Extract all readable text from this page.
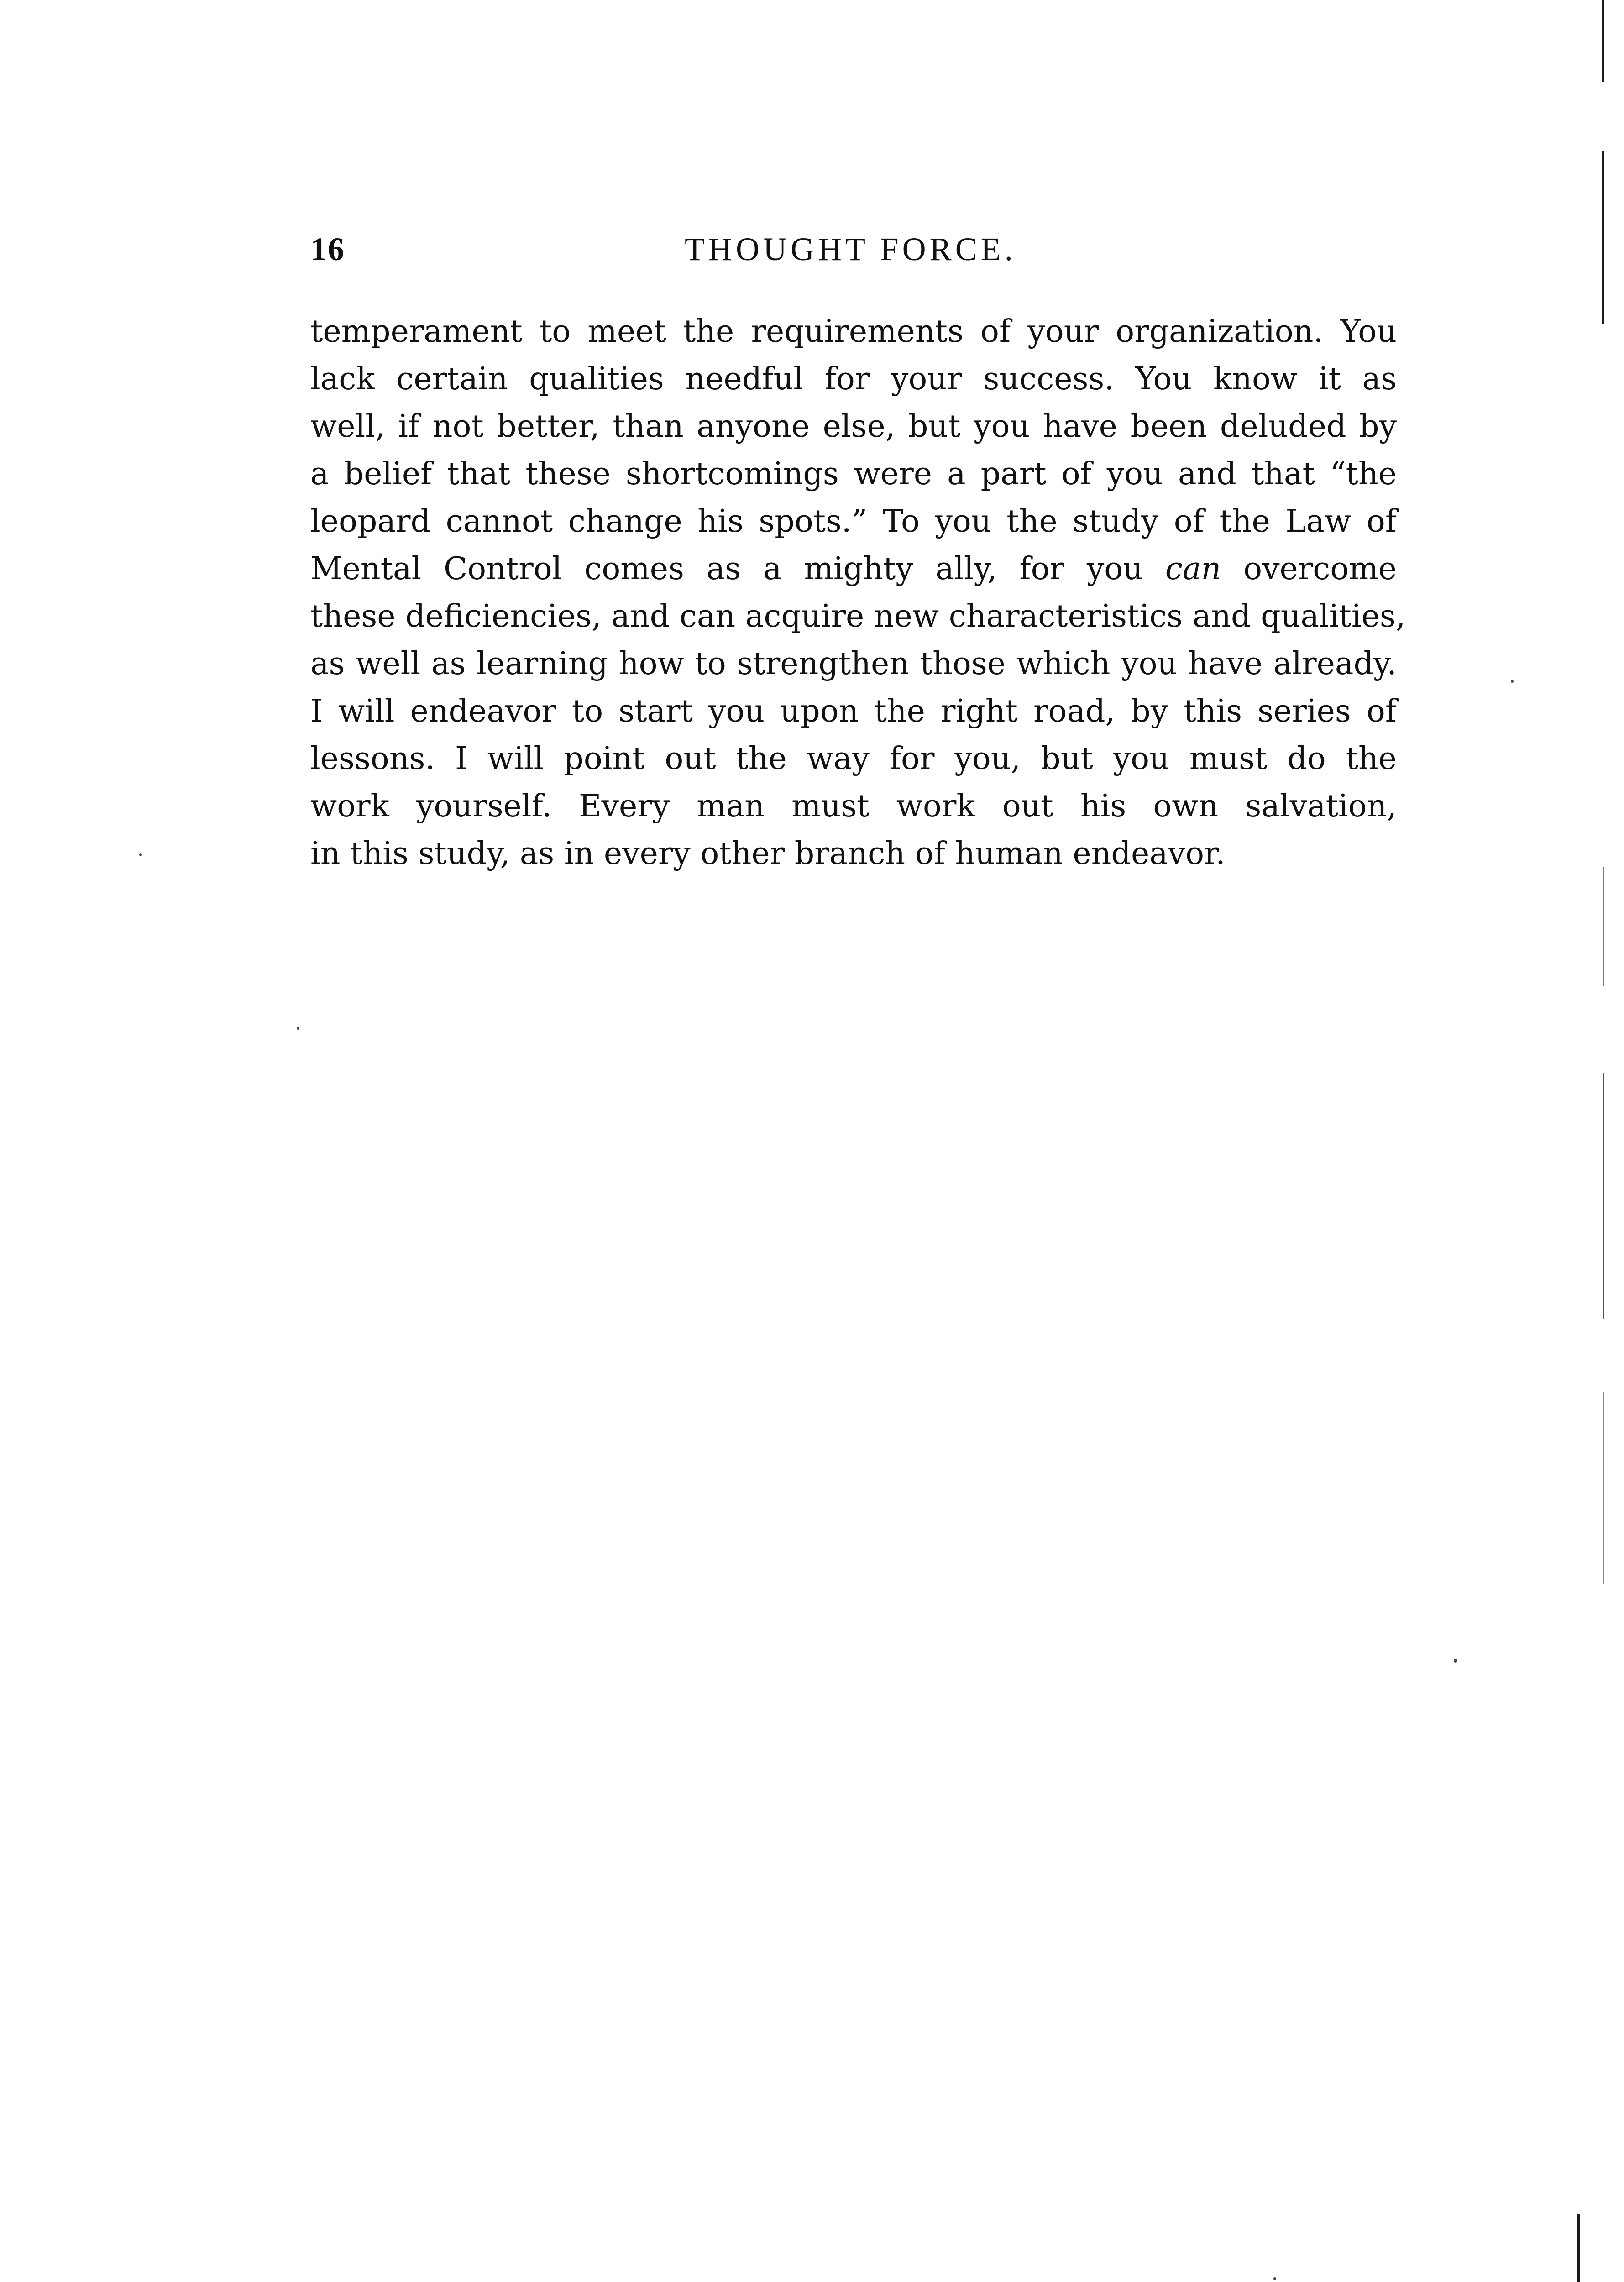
16	THOUGHT FORCE.
temperament to meet the requirements of your organization. You
lack certain qualities needful for your success. You know it as
well, if not better, than anyone else, but you have been deluded by
a belief that these shortcomings were a part of you and that “the
leopard cannot change his spots.” To you the study of the Law of
Mental Control comes as a mighty ally, for you can overcome
these deficiencies, and can acquire new characteristics and qualities,
as well as learning how to strengthen those which you have already.
I will endeavor to start you upon the right road, by this series of
lessons. I will point out the way for you, but you must do the
work yourself. Every man must work out his own salvation,
in this study, as in every other branch of human endeavor.
